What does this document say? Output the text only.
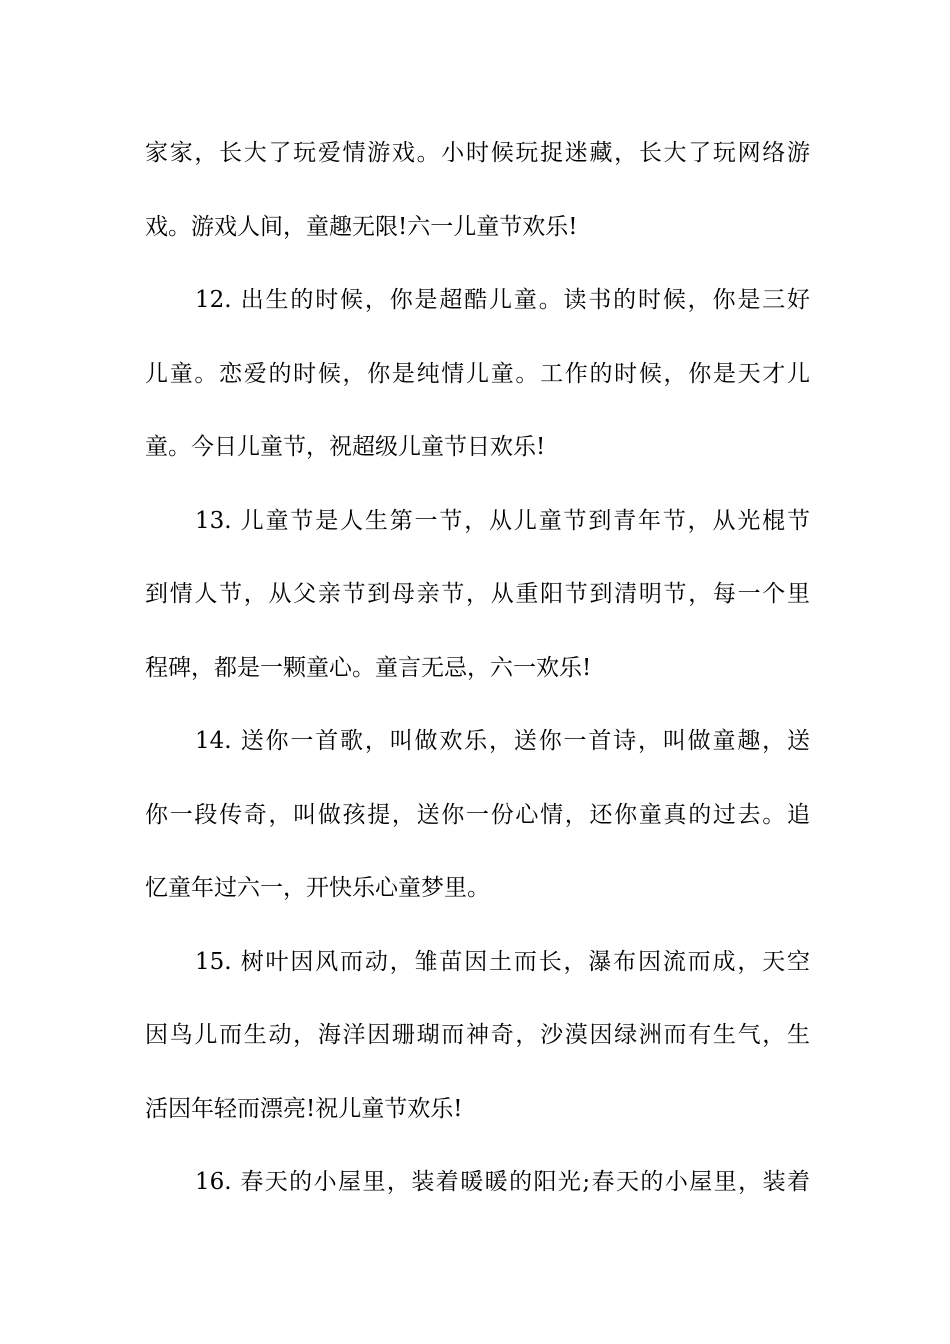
家家，长大了玩爱情游戏。小时候玩捉迷藏，长大了玩网络游
戏。游戏人间，童趣无限!六一儿童节欢乐!
12. 出生的时候，你是超酷儿童。读书的时候，你是三好
儿童。恋爱的时候，你是纯情儿童。工作的时候，你是天才儿
童。今日儿童节，祝超级儿童节日欢乐!
13. 儿童节是人生第一节，从儿童节到青年节，从光棍节
到情人节，从父亲节到母亲节，从重阳节到清明节，每一个里
程碑，都是一颗童心。童言无忌，六一欢乐!
14. 送你一首歌，叫做欢乐，送你一首诗，叫做童趣，送
你一段传奇，叫做孩提，送你一份心情，还你童真的过去。追
忆童年过六一，开快乐心童梦里。
15. 树叶因风而动，雏苗因土而长，瀑布因流而成，天空
因鸟儿而生动，海洋因珊瑚而神奇，沙漠因绿洲而有生气，生
活因年轻而漂亮!祝儿童节欢乐!
16. 春天的小屋里，装着暖暖的阳光;春天的小屋里，装着
